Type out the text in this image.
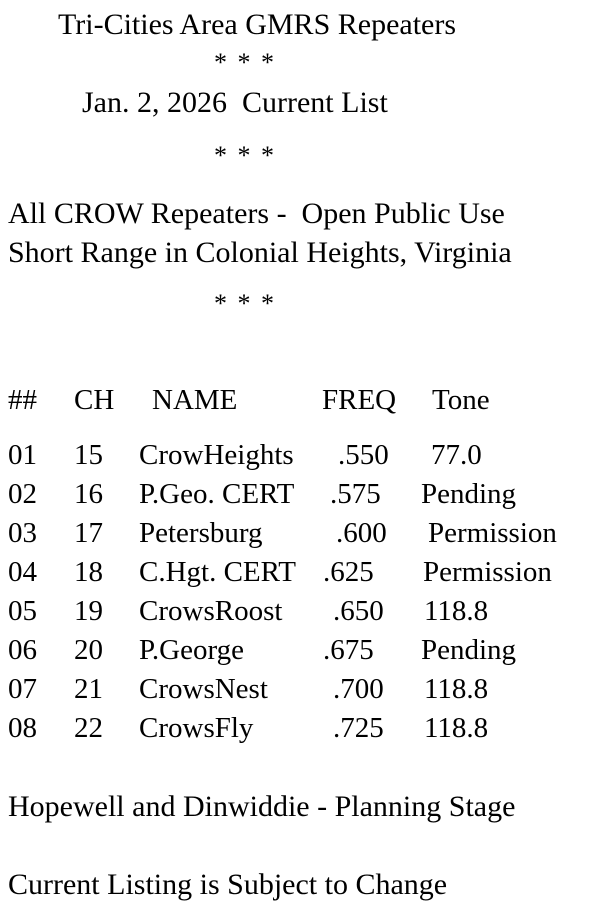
Tri-Cities Area GMRS Repeaters
* * *
Jan. 2, 2026  Current List
* * *
All CROW Repeaters -  Open Public Use
Short Range in Colonial Heights, Virginia
* * *
## CH NAME	FREQ Tone
01 15 CrowHeights .550 77.0
02 16 P.Geo. CERT .575 Pending
03 17 Petersburg	.600 Permission
04 18 C.Hgt. CERT .625 Permission
05 19 CrowsRoost .650 118.8
06 20 P.George	.675 Pending
07 21 CrowsNest .700 118.8
08 22 CrowsFly	.725 118.8
Hopewell and Dinwiddie - Planning Stage
Current Listing is Subject to Change
